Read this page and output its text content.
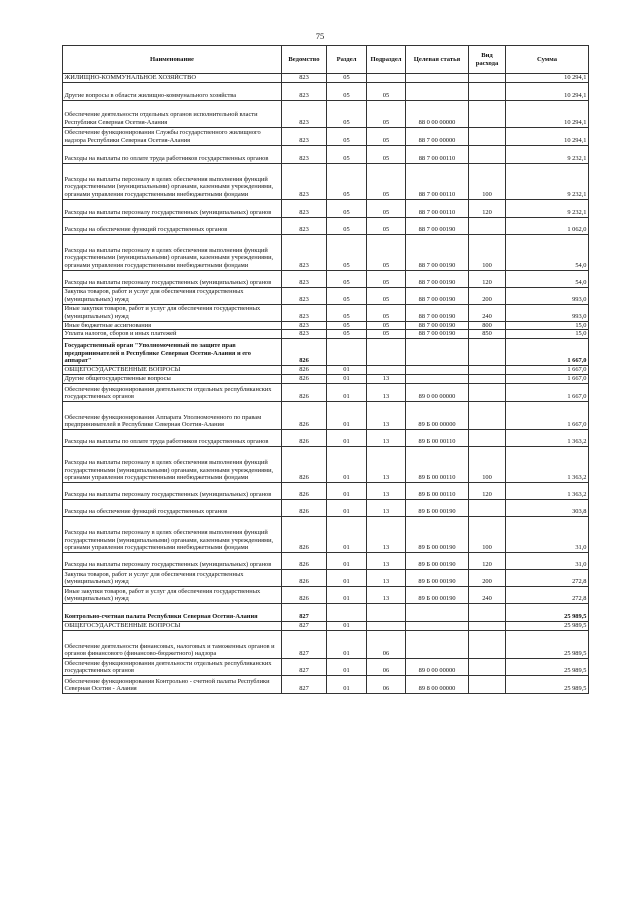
75
Наименование	Ведомство	Раздел	Подраздел	Целевая статья	Вид расхода	Сумма
ЖИЛИЩНО-КОММУНАЛЬНОЕ ХОЗЯЙСТВО	823	05				10 294,1
Другие вопросы в области жилищно-коммунального хозяйства	823	05	05			10 294,1
Обеспечение деятельности отдельных органов исполнительной власти Республики Северная Осетия-Алания	823	05	05	88 0 00 00000		10 294,1
Обеспечение функционирования Службы государственного жилищного надзора Республики Северная Осетия-Алания	823	05	05	88 7 00 00000		10 294,1
Расходы на выплаты по оплате труда работников государственных органов	823	05	05	88 7 00 00110		9 232,1
Расходы на выплаты персоналу в целях обеспечения выполнения функций государственными (муниципальными) органами, казенными учреждениями, органами управления государственными внебюджетными фондами	823	05	05	88 7 00 00110	100	9 232,1
Расходы на выплаты персоналу государственных (муниципальных) органов	823	05	05	88 7 00 00110	120	9 232,1
Расходы на обеспечение функций государственных органов	823	05	05	88 7 00 00190		1 062,0
Расходы на выплаты персоналу в целях обеспечения выполнения функций государственными (муниципальными) органами, казенными учреждениями, органами управления государственными внебюджетными фондами	823	05	05	88 7 00 00190	100	54,0
Расходы на выплаты персоналу государственных (муниципальных) органов	823	05	05	88 7 00 00190	120	54,0
Закупка товаров, работ и услуг для обеспечения государственных (муниципальных) нужд	823	05	05	88 7 00 00190	200	993,0
Иные закупки товаров, работ и услуг для обеспечения государственных (муниципальных) нужд	823	05	05	88 7 00 00190	240	993,0
Иные бюджетные ассигнования	823	05	05	88 7 00 00190	800	15,0
Уплата налогов, сборов и иных платежей	823	05	05	88 7 00 00190	850	15,0
Государственный орган "Уполномоченный по защите прав предпринимателей в Республике Северная Осетия-Алания и его аппарат"	826					1 667,0
ОБЩЕГОСУДАРСТВЕННЫЕ ВОПРОСЫ	826	01				1 667,0
Другие общегосударственные вопросы	826	01	13			1 667,0
Обеспечение функционирования деятельности отдельных республиканских государственных органов	826	01	13	89 0 00 00000		1 667,0
Обеспечение функционирования Аппарата Уполномоченного по правам предпринимателей в Республике Северная Осетия-Алания	826	01	13	89 Б 00 00000		1 667,0
Расходы на выплаты по оплате труда работников государственных органов	826	01	13	89 Б 00 00110		1 363,2
Расходы на выплаты персоналу в целях обеспечения выполнения функций государственными (муниципальными) органами, казенными учреждениями, органами управления государственными внебюджетными фондами	826	01	13	89 Б 00 00110	100	1 363,2
Расходы на выплаты персоналу государственных (муниципальных) органов	826	01	13	89 Б 00 00110	120	1 363,2
Расходы на обеспечение функций государственных органов	826	01	13	89 Б 00 00190		303,8
Расходы на выплаты персоналу в целях обеспечения выполнения функций государственными (муниципальными) органами, казенными учреждениями, органами управления государственными внебюджетными фондами	826	01	13	89 Б 00 00190	100	31,0
Расходы на выплаты персоналу государственных (муниципальных) органов	826	01	13	89 Б 00 00190	120	31,0
Закупка товаров, работ и услуг для обеспечения государственных (муниципальных) нужд	826	01	13	89 Б 00 00190	200	272,8
Иные закупки товаров, работ и услуг для обеспечения государственных (муниципальных) нужд	826	01	13	89 Б 00 00190	240	272,8
Контрольно-счетная палата Республики Северная Осетия-Алания	827					25 989,5
ОБЩЕГОСУДАРСТВЕННЫЕ ВОПРОСЫ	827	01				25 989,5
Обеспечение деятельности финансовых, налоговых и таможенных органов и органов финансового (финансово-бюджетного) надзора	827	01	06			25 989,5
Обеспечение функционирования деятельности отдельных республиканских государственных органов	827	01	06	89 0 00 00000		25 989,5
Обеспечение функционирования Контрольно - счетной палаты Республики Северная Осетия - Алания	827	01	06	89 8 00 00000		25 989,5
